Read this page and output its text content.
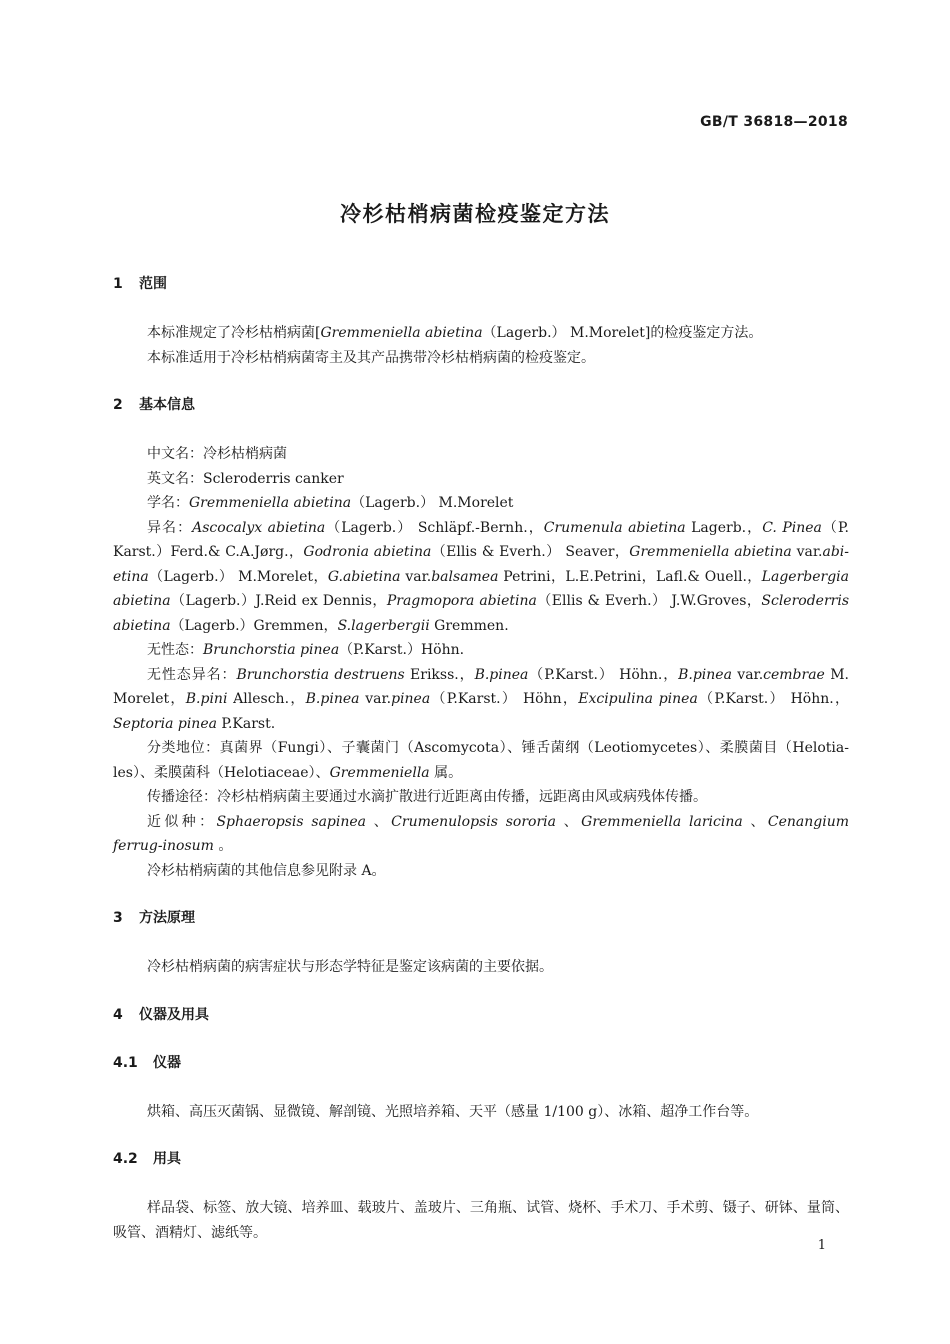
GB/T 36818—2018
冷杉枯梢病菌检疫鉴定方法
1 范围

本标准规定了冷杉枯梢病菌[Gremmeniella abietina（Lagerb.） M.Morelet]的检疫鉴定方法。

本标准适用于冷杉枯梢病菌寄主及其产品携带冷杉枯梢病菌的检疫鉴定。

2 基本信息

中文名：冷杉枯梢病菌

英文名：Scleroderris canker

学名：Gremmeniella abietina（Lagerb.） M.Morelet

异名：Ascocalyx abietina（Lagerb.） Schläpf.-Bernh.，Crumenula abietina Lagerb.，C. Pinea（P. Karst.）Ferd.& C.A.Jørg.，Godronia abietina（Ellis & Everh.） Seaver，Gremmeniella abietina var.abi-etina（Lagerb.） M.Morelet，G.abietina var.balsamea Petrini，L.E.Petrini，Lafl.& Ouell.，Lagerbergia abietina（Lagerb.）J.Reid ex Dennis，Pragmopora abietina（Ellis & Everh.） J.W.Groves，Scleroderris abietina（Lagerb.）Gremmen，S.lagerbergii Gremmen.

无性态：Brunchorstia pinea（P.Karst.）Höhn.

无性态异名：Brunchorstia destruens Erikss.，B.pinea（P.Karst.） Höhn.，B.pinea var.cembrae M. Morelet，B.pini Allesch.，B.pinea var.pinea（P.Karst.） Höhn，Excipulina pinea（P.Karst.） Höhn.，Septoria pinea P.Karst.

分类地位：真菌界（Fungi）、子囊菌门（Ascomycota）、锤舌菌纲（Leotiomycetes）、柔膜菌目（Helotia-les）、柔膜菌科（Helotiaceae）、Gremmeniella 属。

传播途径：冷杉枯梢病菌主要通过水滴扩散进行近距离由传播，远距离由风或病残体传播。

近似种：Sphaeropsis sapinea 、Crumenulopsis sororia 、Gremmeniella laricina 、Cenangium ferrug-inosum 。

冷杉枯梢病菌的其他信息参见附录 A。

3 方法原理

冷杉枯梢病菌的病害症状与形态学特征是鉴定该病菌的主要依据。

4 仪器及用具
4.1 仪器

烘箱、高压灭菌锅、显微镜、解剖镜、光照培养箱、天平（感量 1/100 g）、冰箱、超净工作台等。

4.2 用具

样品袋、标签、放大镜、培养皿、载玻片、盖玻片、三角瓶、试管、烧杯、手术刀、手术剪、镊子、研钵、量筒、吸管、酒精灯、滤纸等。

1
